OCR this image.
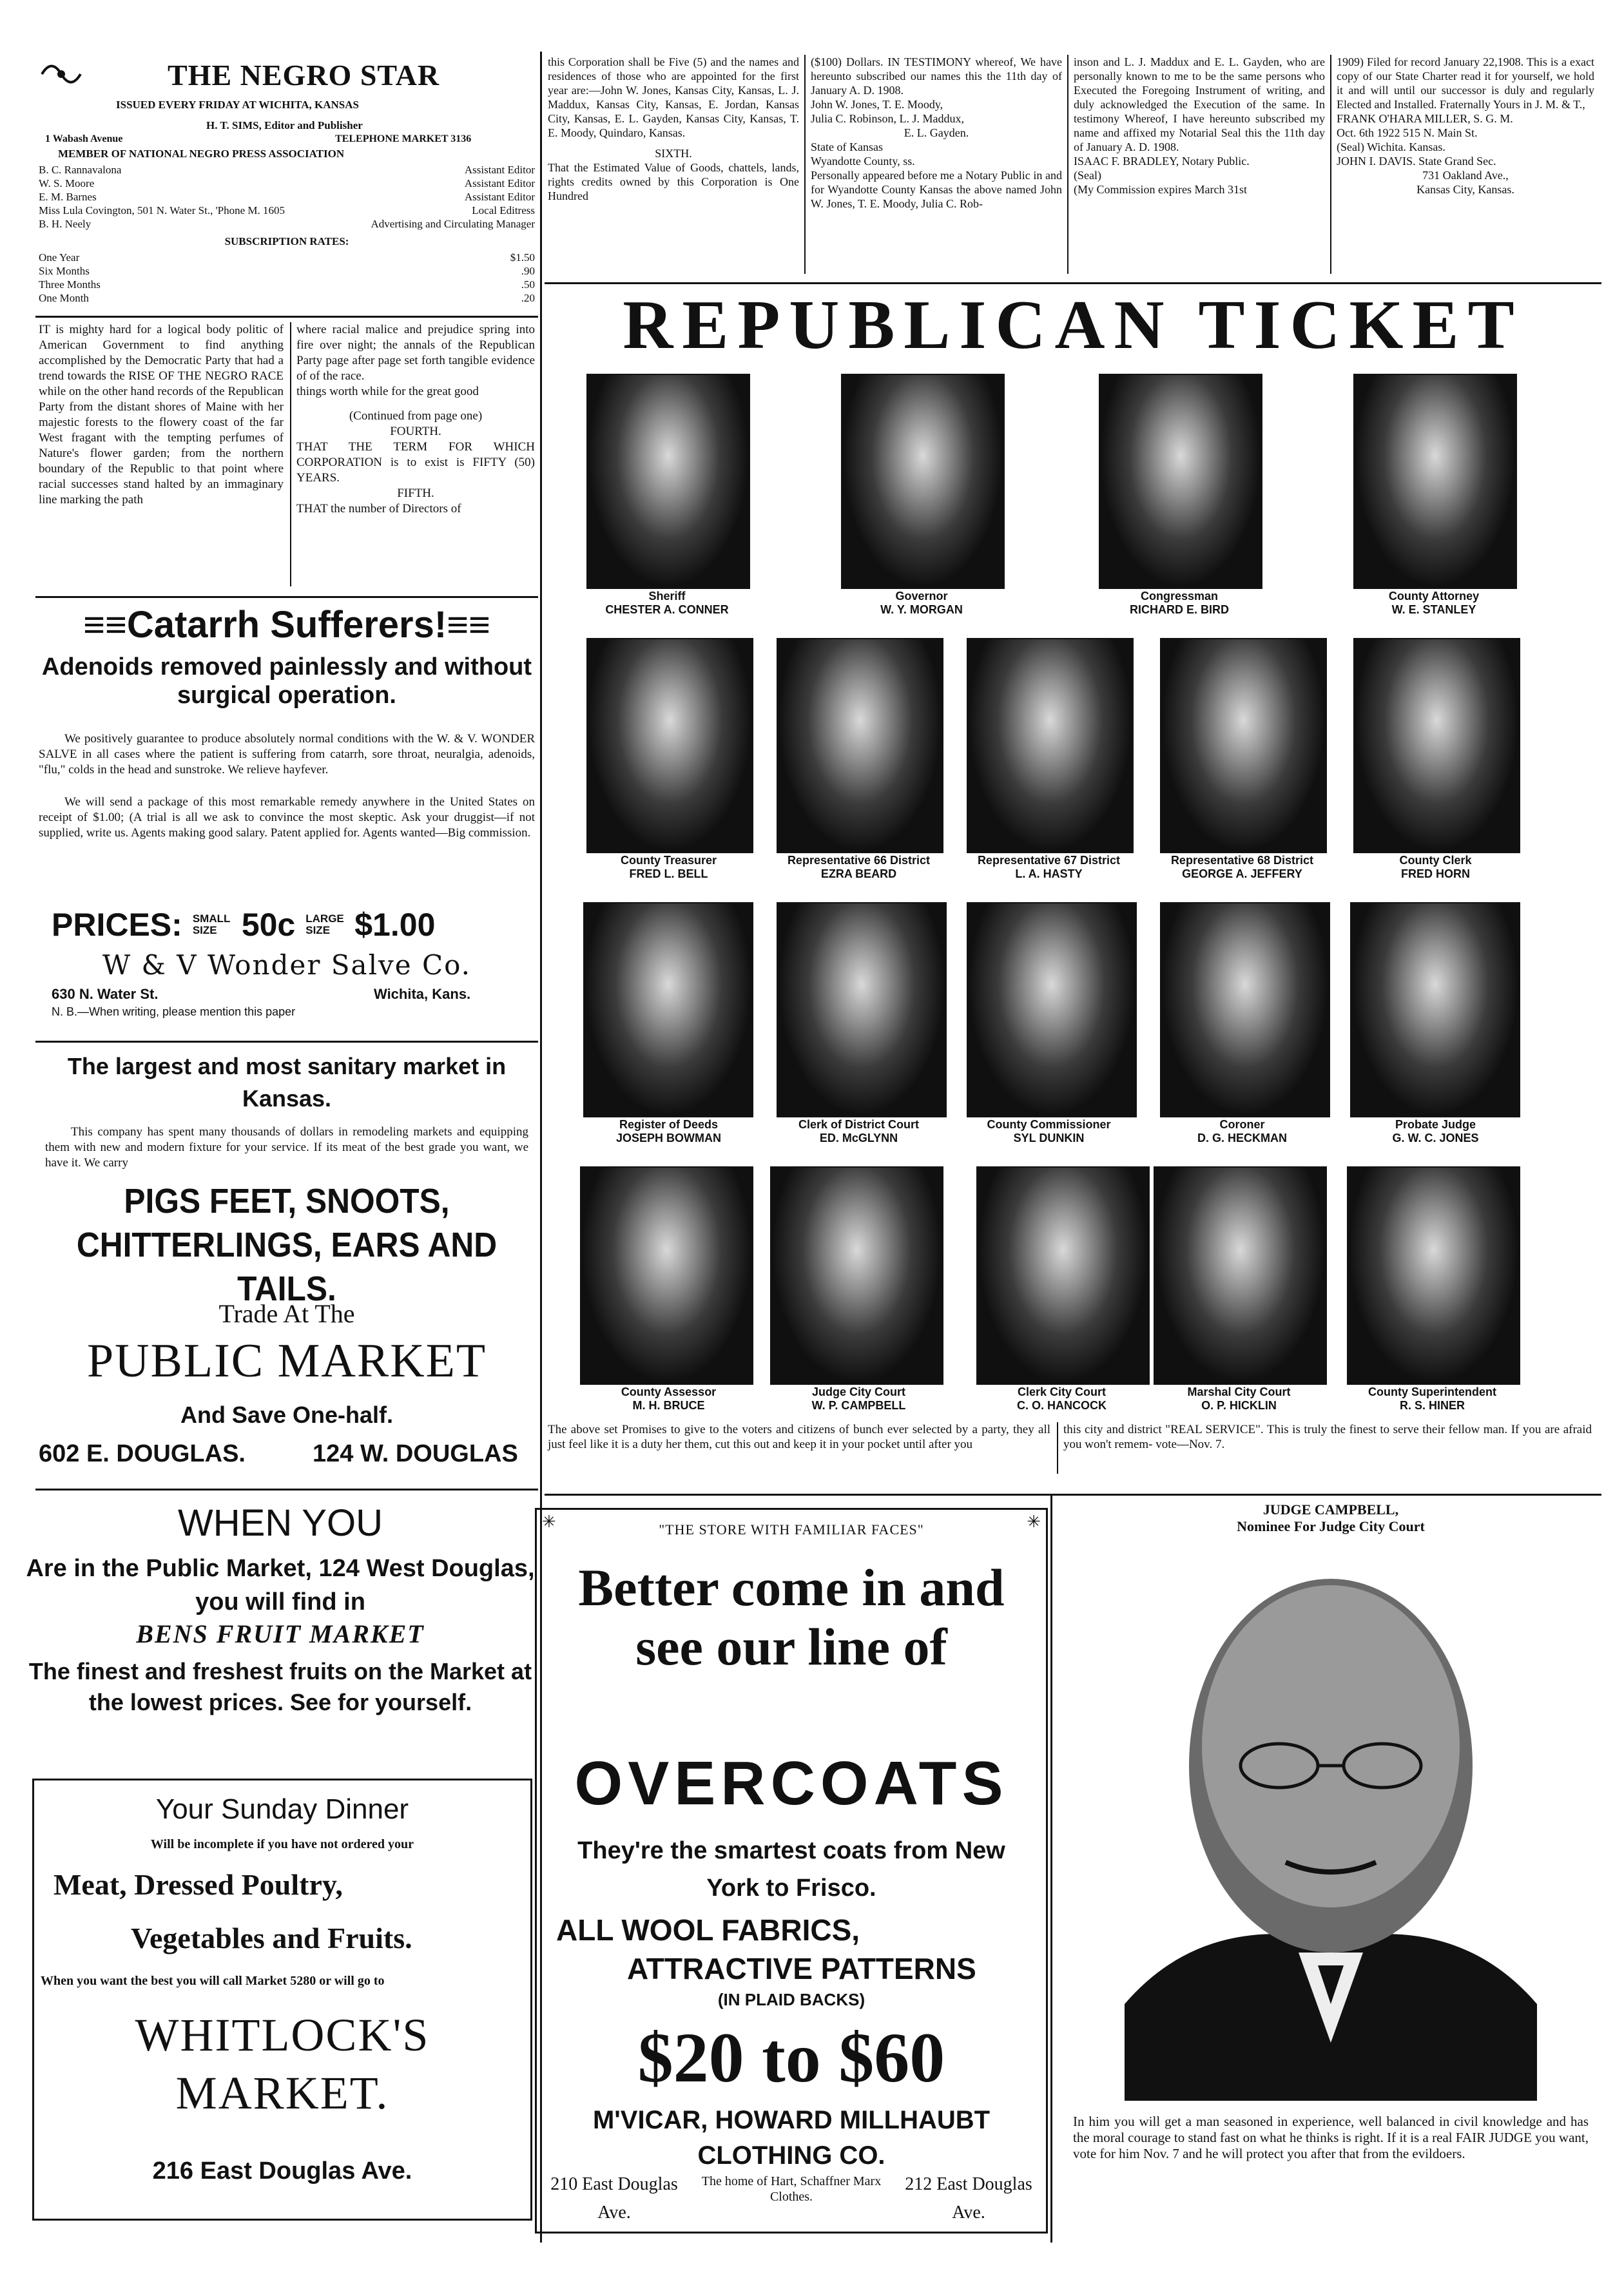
THE NEGRO STAR
ISSUED EVERY FRIDAY AT WICHITA, KANSAS
H. T. SIMS, Editor and Publisher
1 Wabash Avenue	TELEPHONE MARKET 3136
MEMBER OF NATIONAL NEGRO PRESS ASSOCIATION
B. C. Rannavalona	Assistant Editor
W. S. Moore	Assistant Editor
E. M. Barnes	Assistant Editor
Miss Lula Covington, 501 N. Water St., 'Phone M. 1605	Local Editress
B. H. Neely	Advertising and Circulating Manager
SUBSCRIPTION RATES:
One Year	$1.50
Six Months	.90
Three Months	.50
One Month	.20
IT is mighty hard for a logical body politic of American Government to find anything accomplished by the Democratic Party that had a trend towards the RISE OF THE NEGRO RACE while on the other hand records of the Republican Party from the distant shores of Maine with her majestic forests to the flowery coast of the far West fragant with the tempting perfumes of Nature's flower garden; from the northern boundary of the Republic to that point where racial successes stand halted by an immaginary line marking the path
where racial malice and prejudice spring into fire over night; the annals of the Republican Party page after page set forth tangible evidence of of the race.
things worth while for the great good
(Continued from page one)
FOURTH.
THAT THE TERM FOR WHICH CORPORATION is to exist is FIFTY (50) YEARS.
FIFTH.
THAT the number of Directors of
≡≡Catarrh Sufferers!≡≡
Adenoids removed painlessly and without surgical operation.
We positively guarantee to produce absolutely normal conditions with the W. & V. WONDER SALVE in all cases where the patient is suffering from catarrh, sore throat, neuralgia, adenoids, "flu," colds in the head and sunstroke. We relieve hayfever.
We will send a package of this most remarkable remedy anywhere in the United States on receipt of $1.00; (A trial is all we ask to convince the most skeptic. Ask your druggist—if not supplied, write us. Agents making good salary. Patent applied for. Agents wanted—Big commission.
PRICES: SMALL SIZE 50c LARGE SIZE $1.00
W & V Wonder Salve Co.
630 N. Water St.	Wichita, Kans.
N. B.—When writing, please mention this paper
The largest and most sanitary market in Kansas.
This company has spent many thousands of dollars in remodeling markets and equipping them with new and modern fixture for your service. If its meat of the best grade you want, we have it. We carry
PIGS FEET, SNOOTS, CHITTERLINGS, EARS AND TAILS.
Trade At The
PUBLIC MARKET
And Save One-half.
602 E. DOUGLAS.	124 W. DOUGLAS
WHEN YOU
Are in the Public Market, 124 West Douglas, you will find in
BENS FRUIT MARKET
The finest and freshest fruits on the Market at the lowest prices. See for yourself.
Your Sunday Dinner
Will be incomplete if you have not ordered your
Meat, Dressed Poultry,
Vegetables and Fruits.
When you want the best you will call Market 5280 or will go to
WHITLOCK'S MARKET.
216 East Douglas Ave.
this Corporation shall be Five (5) and the names and residences of those who are appointed for the first year are:—John W. Jones, Kansas City, Kansas, L. J. Maddux, Kansas City, Kansas, E. Jordan, Kansas City, Kansas, E. L. Gayden, Kansas City, Kansas, T. E. Moody, Quindaro, Kansas.
SIXTH.
That the Estimated Value of Goods, chattels, lands, rights credits owned by this Corporation is One Hundred
($100) Dollars. IN TESTIMONY whereof, We have hereunto subscribed our names this the 11th day of January A. D. 1908.
John W. Jones, T. E. Moody,
Julia C. Robinson, L. J. Maddux,
E. L. Gayden.
State of Kansas
Wyandotte County, ss.
Personally appeared before me a Notary Public in and for Wyandotte County Kansas the above named John W. Jones, T. E. Moody, Julia C. Rob-
inson and L. J. Maddux and E. L. Gayden, who are personally known to me to be the same persons who Executed the Foregoing Instrument of writing, and duly acknowledged the Execution of the same. In testimony Whereof, I have hereunto subscribed my name and affixed my Notarial Seal this the 11th day of January A. D. 1908.
ISAAC F. BRADLEY, Notary Public.
(Seal)
(My Commission expires March 31st
1909) Filed for record January 22,1908. This is a exact copy of our State Charter read it for yourself, we hold it and will until our successor is duly and regularly Elected and Installed. Fraternally Yours in J. M. & T.,
FRANK O'HARA MILLER, S. G. M.
Oct. 6th 1922 515 N. Main St.
(Seal) Wichita. Kansas.
JOHN I. DAVIS. State Grand Sec.
731 Oakland Ave.,
Kansas City, Kansas.
REPUBLICAN TICKET
Sheriff
CHESTER A. CONNER
Governor
W. Y. MORGAN
Congressman
RICHARD E. BIRD
County Attorney
W. E. STANLEY
County Treasurer
FRED L. BELL
Representative 66 District
EZRA BEARD
Representative 67 District
L. A. HASTY
Representative 68 District
GEORGE A. JEFFERY
County Clerk
FRED HORN
Register of Deeds
JOSEPH BOWMAN
Clerk of District Court
ED. McGLYNN
County Commissioner
SYL DUNKIN
Coroner
D. G. HECKMAN
Probate Judge
G. W. C. JONES
County Assessor
M. H. BRUCE
Judge City Court
W. P. CAMPBELL
Clerk City Court
C. O. HANCOCK
Marshal City Court
O. P. HICKLIN
County Superintendent
R. S. HINER
The above set Promises to give to the voters and citizens of bunch ever selected by a party, they all just feel like it is a duty her them, cut this out and keep it in your pocket until after you
this city and district "REAL SERVICE". This is truly the finest to serve their fellow man. If you are afraid you won't remem- vote—Nov. 7.
✳	✳
"THE STORE WITH FAMILIAR FACES"
Better come in and see our line of
OVERCOATS
They're the smartest coats from New York to Frisco.
ALL WOOL FABRICS,
ATTRACTIVE PATTERNS
(IN PLAID BACKS)
$20 to $60
M'VICAR, HOWARD MILLHAUBT
CLOTHING CO.
The home of Hart, Schaffner Marx Clothes.
210 East Douglas Ave.
212 East Douglas Ave.
JUDGE CAMPBELL,
Nominee For Judge City Court
In him you will get a man seasoned in experience, well balanced in civil knowledge and has the moral courage to stand fast on what he thinks is right. If it is a real FAIR JUDGE you want, vote for him Nov. 7 and he will protect you after that from the evildoers.
